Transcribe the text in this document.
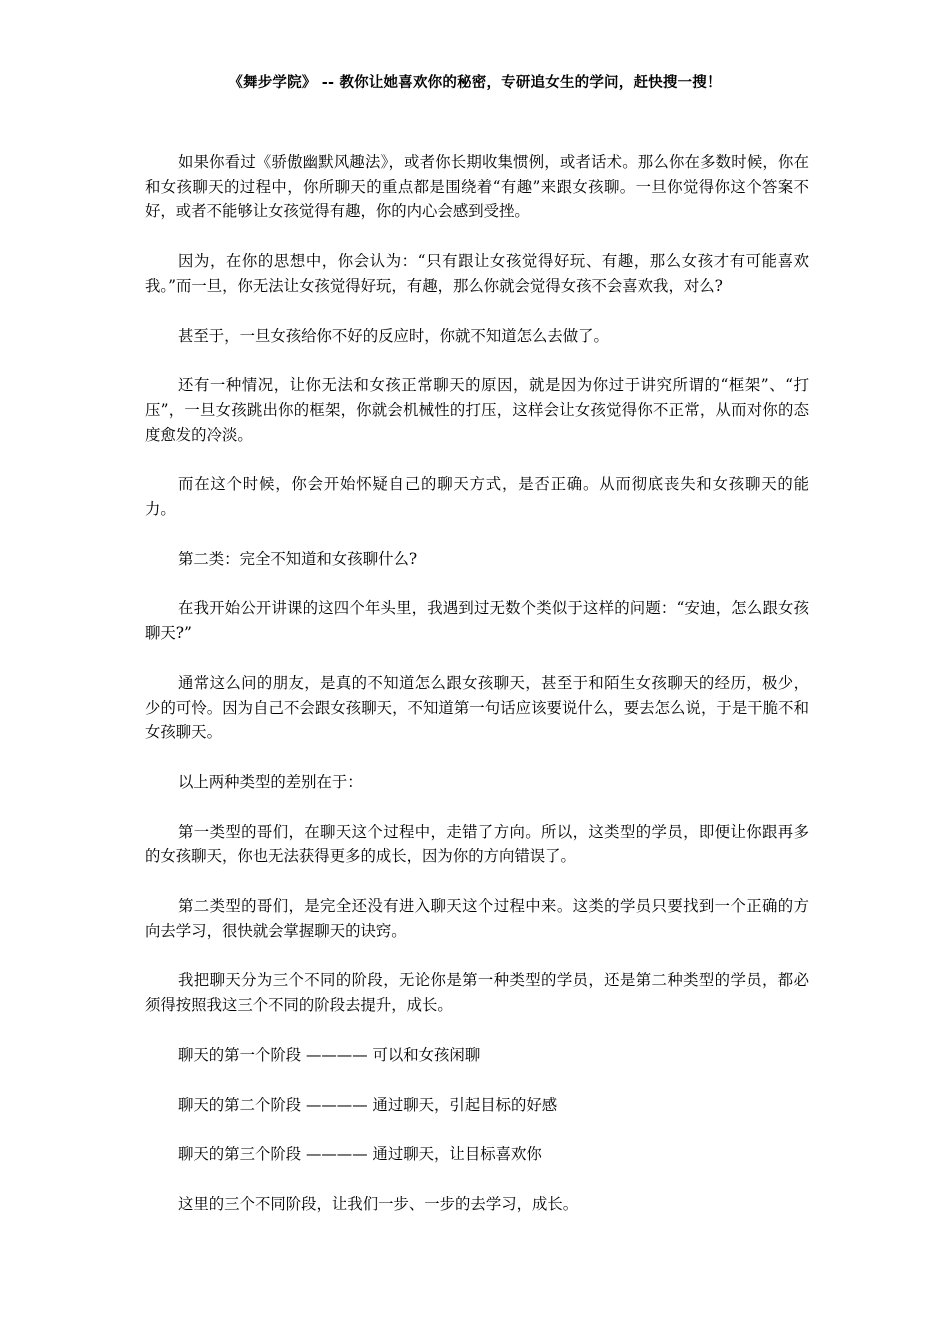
《舞步学院》 -- 教你让她喜欢你的秘密，专研追女生的学问，赶快搜一搜！

如果你看过《骄傲幽默风趣法》，或者你长期收集惯例，或者话术。那么你在多数时候，你在和女孩聊天的过程中，你所聊天的重点都是围绕着“有趣”来跟女孩聊。一旦你觉得你这个答案不好，或者不能够让女孩觉得有趣，你的内心会感到受挫。

因为，在你的思想中，你会认为：“只有跟让女孩觉得好玩、有趣，那么女孩才有可能喜欢我。”而一旦，你无法让女孩觉得好玩，有趣，那么你就会觉得女孩不会喜欢我，对么?

甚至于，一旦女孩给你不好的反应时，你就不知道怎么去做了。

还有一种情况，让你无法和女孩正常聊天的原因，就是因为你过于讲究所谓的“框架”、“打压”，一旦女孩跳出你的框架，你就会机械性的打压，这样会让女孩觉得你不正常，从而对你的态度愈发的冷淡。

而在这个时候，你会开始怀疑自己的聊天方式，是否正确。从而彻底丧失和女孩聊天的能力。

第二类：完全不知道和女孩聊什么?

在我开始公开讲课的这四个年头里，我遇到过无数个类似于这样的问题：“安迪，怎么跟女孩聊天?”

通常这么问的朋友，是真的不知道怎么跟女孩聊天，甚至于和陌生女孩聊天的经历，极少，少的可怜。因为自己不会跟女孩聊天，不知道第一句话应该要说什么，要去怎么说，于是干脆不和女孩聊天。

以上两种类型的差别在于：

第一类型的哥们，在聊天这个过程中，走错了方向。所以，这类型的学员，即便让你跟再多的女孩聊天，你也无法获得更多的成长，因为你的方向错误了。

第二类型的哥们，是完全还没有进入聊天这个过程中来。这类的学员只要找到一个正确的方向去学习，很快就会掌握聊天的诀窍。

我把聊天分为三个不同的阶段，无论你是第一种类型的学员，还是第二种类型的学员，都必须得按照我这三个不同的阶段去提升，成长。

聊天的第一个阶段 ———— 可以和女孩闲聊

聊天的第二个阶段 ———— 通过聊天，引起目标的好感

聊天的第三个阶段 ———— 通过聊天，让目标喜欢你

这里的三个不同阶段，让我们一步、一步的去学习，成长。
